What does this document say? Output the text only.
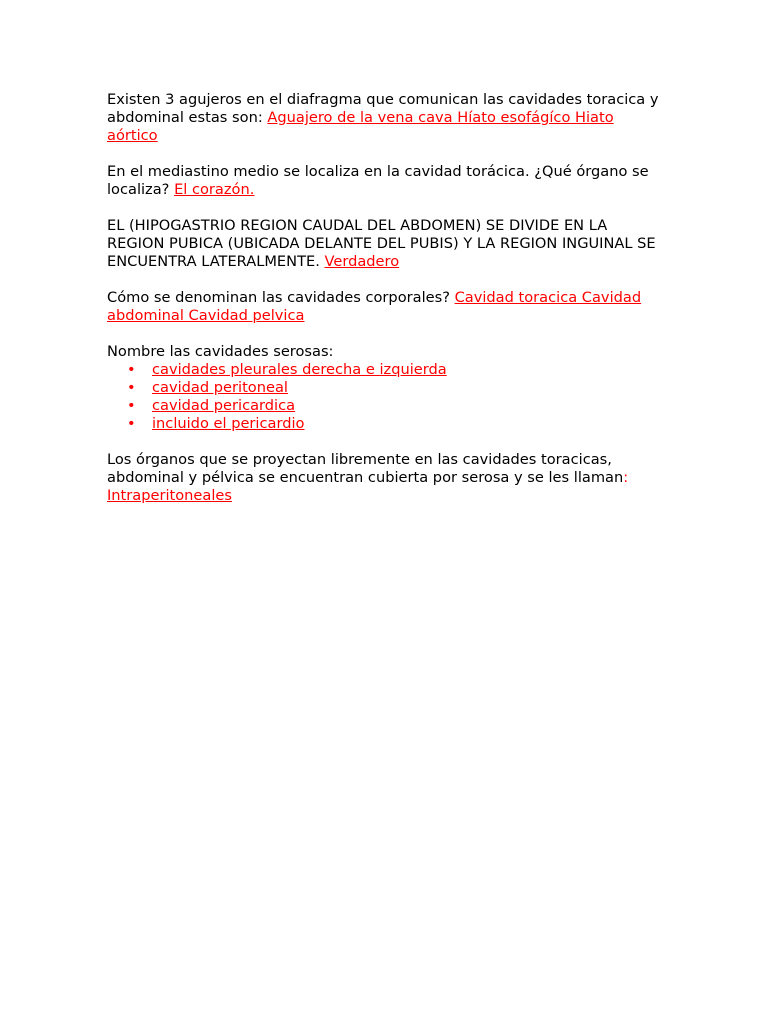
Existen 3 agujeros en el diafragma que comunican las cavidades toracica y abdominal estas son: Aguajero de la vena cava Híato esofágíco Hiato aórtico

En el mediastino medio se localiza en la cavidad torácica. ¿Qué órgano se localiza? El corazón.

EL (HIPOGASTRIO REGION CAUDAL DEL ABDOMEN) SE DIVIDE EN LA REGION PUBICA (UBICADA DELANTE DEL PUBIS) Y LA REGION INGUINAL SE ENCUENTRA LATERALMENTE. Verdadero

Cómo se denominan las cavidades corporales? Cavidad toracica Cavidad abdominal Cavidad pelvica

Nombre las cavidades serosas:
• cavidades pleurales derecha e izquierda
• cavidad peritoneal
• cavidad pericardica
• incluido el pericardio

Los órganos que se proyectan libremente en las cavidades toracicas, abdominal y pélvica se encuentran cubierta por serosa y se les llaman: Intraperitoneales
